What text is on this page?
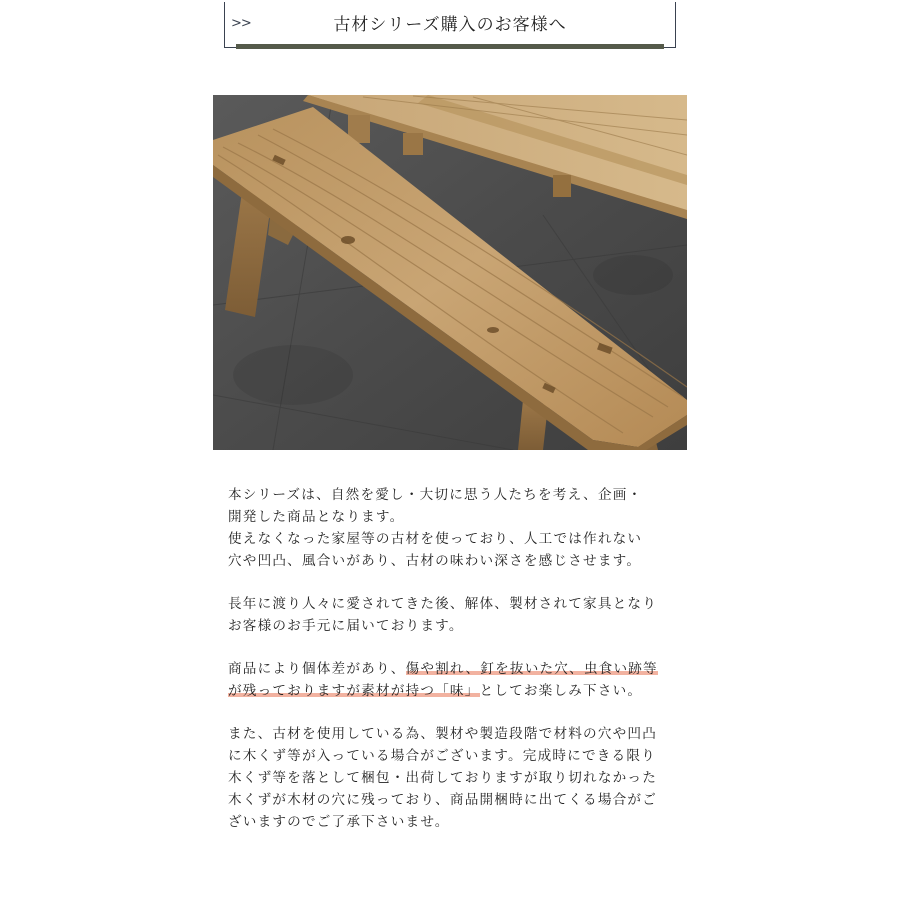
>>	古材シリーズ購入のお客様へ

本シリーズは、自然を愛し・大切に思う人たちを考え、企画・
開発した商品となります。
使えなくなった家屋等の古材を使っており、人工では作れない
穴や凹凸、風合いがあり、古材の味わい深さを感じさせます。

長年に渡り人々に愛されてきた後、解体、製材されて家具となり
お客様のお手元に届いております。

商品により個体差があり、傷や割れ、釘を抜いた穴、虫食い跡等
が残っておりますが素材が持つ「味」としてお楽しみ下さい。

また、古材を使用している為、製材や製造段階で材料の穴や凹凸
に木くず等が入っている場合がございます。完成時にできる限り
木くず等を落として梱包・出荷しておりますが取り切れなかった
木くずが木材の穴に残っており、商品開梱時に出てくる場合がご
ざいますのでご了承下さいませ。
